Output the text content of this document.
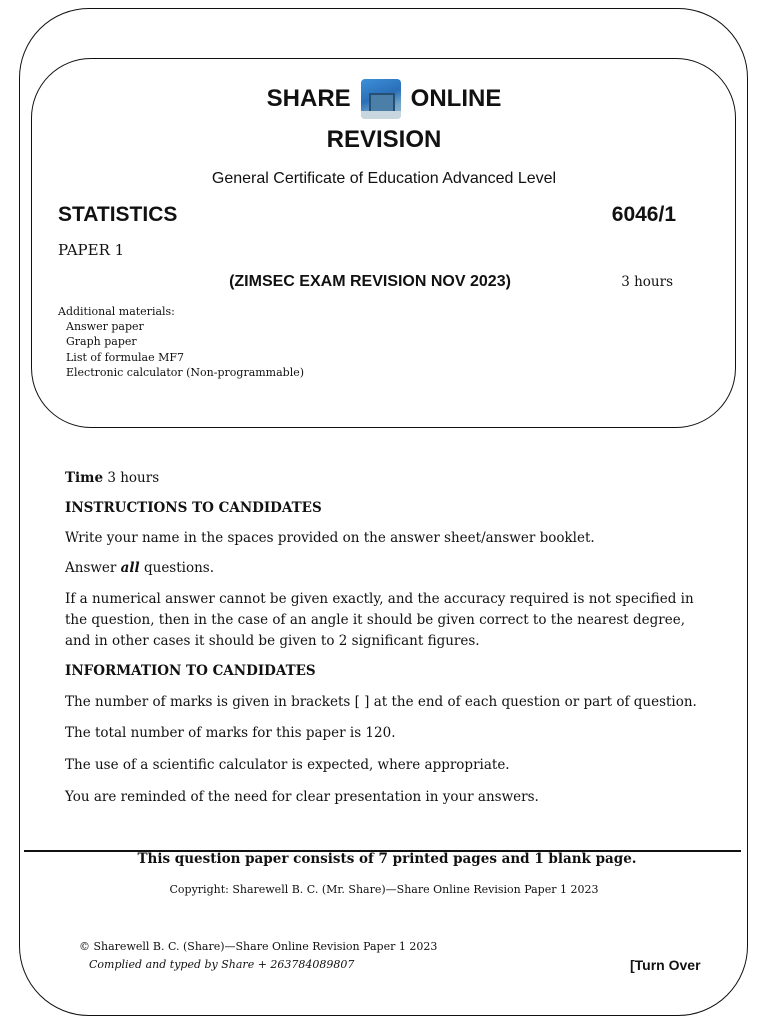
SHARE	ONLINE
REVISION
General Certificate of Education Advanced Level
STATISTICS	6046/1
PAPER 1
(ZIMSEC EXAM REVISION NOV 2023)	3 hours
Additional materials:
Answer paper
Graph paper
List of formulae MF7
Electronic calculator (Non-programmable)
Time 3 hours
INSTRUCTIONS TO CANDIDATES
Write your name in the spaces provided on the answer sheet/answer booklet.
Answer all questions.
If a numerical answer cannot be given exactly, and the accuracy required is not specified in the question, then in the case of an angle it should be given correct to the nearest degree, and in other cases it should be given to 2 significant figures.
INFORMATION TO CANDIDATES
The number of marks is given in brackets [ ] at the end of each question or part of question.
The total number of marks for this paper is 120.
The use of a scientific calculator is expected, where appropriate.
You are reminded of the need for clear presentation in your answers.
This question paper consists of 7 printed pages and 1 blank page.
Copyright: Sharewell B. C. (Mr. Share)—Share Online Revision Paper 1 2023
© Sharewell B. C. (Share)—Share Online Revision Paper 1 2023
Complied and typed by Share + 263784089807	[Turn Over
